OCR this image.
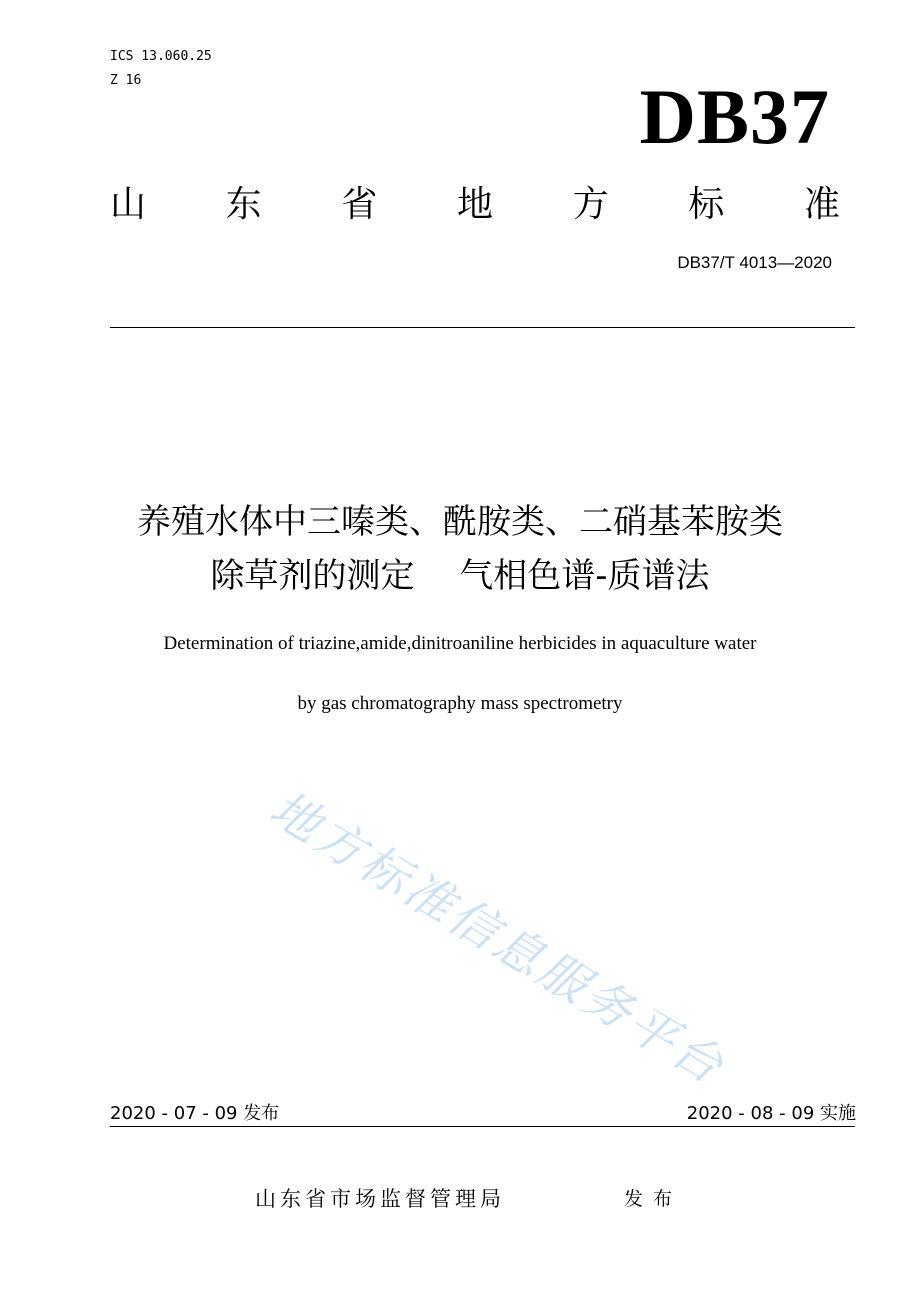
ICS 13.060.25
Z 16	DB37
山 东 省 地 方 标 准
DB37/T 4013—2020
养殖水体中三嗪类、酰胺类、二硝基苯胺类
除草剂的测定　 气相色谱-质谱法
Determination of triazine,amide,dinitroaniline herbicides in aquaculture water
by gas chromatography mass spectrometry
地方标准信息服务平台
2020 - 07 - 09 发布	2020 - 08 - 09 实施
山东省市场监督管理局	发布
